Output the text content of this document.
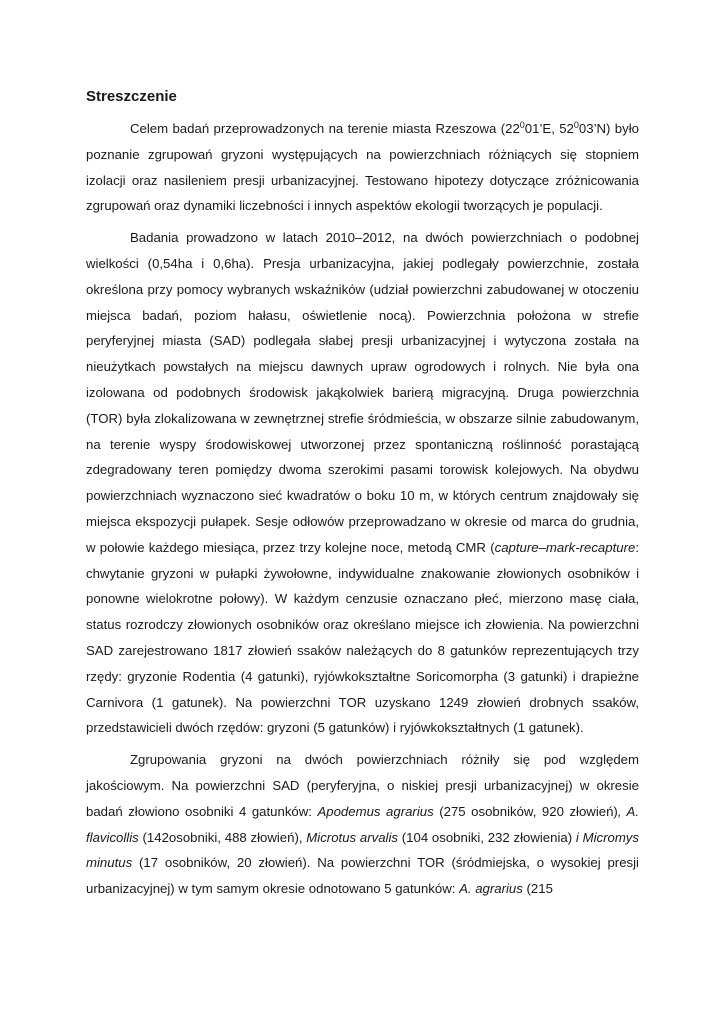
Streszczenie

Celem badań przeprowadzonych na terenie miasta Rzeszowa ($22^001’E$, $52^003’N$) było poznanie zgrupowań gryzoni występujących na powierzchniach różniących się stopniem izolacji oraz nasileniem presji urbanizacyjnej. Testowano hipotezy dotyczące zróżnicowania zgrupowań oraz dynamiki liczebności i innych aspektów ekologii tworzących je populacji.

Badania prowadzono w latach 2010–2012, na dwóch powierzchniach o podobnej wielkości (0,54ha i 0,6ha). Presja urbanizacyjna, jakiej podlegały powierzchnie, została określona przy pomocy wybranych wskaźników (udział powierzchni zabudowanej w otoczeniu miejsca badań, poziom hałasu, oświetlenie nocą). Powierzchnia położona w strefie peryferyjnej miasta (SAD) podlegała słabej presji urbanizacyjnej i wytyczona została na nieużytkach powstałych na miejscu dawnych upraw ogrodowych i rolnych. Nie była ona izolowana od podobnych środowisk jakąkolwiek barierą migracyjną. Druga powierzchnia (TOR) była zlokalizowana w zewnętrznej strefie śródmieścia, w obszarze silnie zabudowanym, na terenie wyspy środowiskowej utworzonej przez spontaniczną roślinność porastającą zdegradowany teren pomiędzy dwoma szerokimi pasami torowisk kolejowych. Na obydwu powierzchniach wyznaczono sieć kwadratów o boku 10 m, w których centrum znajdowały się miejsca ekspozycji pułapek. Sesje odłowów przeprowadzano w okresie od marca do grudnia, w połowie każdego miesiąca, przez trzy kolejne noce, metodą CMR (capture–mark-recapture: chwytanie gryzoni w pułapki żywołowne, indywidualne znakowanie złowionych osobników i ponowne wielokrotne połowy). W każdym cenzusie oznaczano płeć, mierzono masę ciała, status rozrodczy złowionych osobników oraz określano miejsce ich złowienia. Na powierzchni SAD zarejestrowano 1817 złowień ssaków należących do 8 gatunków reprezentujących trzy rzędy: gryzonie Rodentia (4 gatunki), ryjówkokształtne Soricomorpha (3 gatunki) i drapieżne Carnivora (1 gatunek). Na powierzchni TOR uzyskano 1249 złowień drobnych ssaków, przedstawicieli dwóch rzędów: gryzoni (5 gatunków) i ryjówkokształtnych (1 gatunek).

Zgrupowania gryzoni na dwóch powierzchniach różniły się pod względem jakościowym. Na powierzchni SAD (peryferyjna, o niskiej presji urbanizacyjnej) w okresie badań złowiono osobniki 4 gatunków: Apodemus agrarius (275 osobników, 920 złowień), A. flavicollis (142osobniki, 488 złowień), Microtus arvalis (104 osobniki, 232 złowienia) i Micromys minutus (17 osobników, 20 złowień). Na powierzchni TOR (śródmiejska, o wysokiej presji urbanizacyjnej) w tym samym okresie odnotowano 5 gatunków: A. agrarius (215
